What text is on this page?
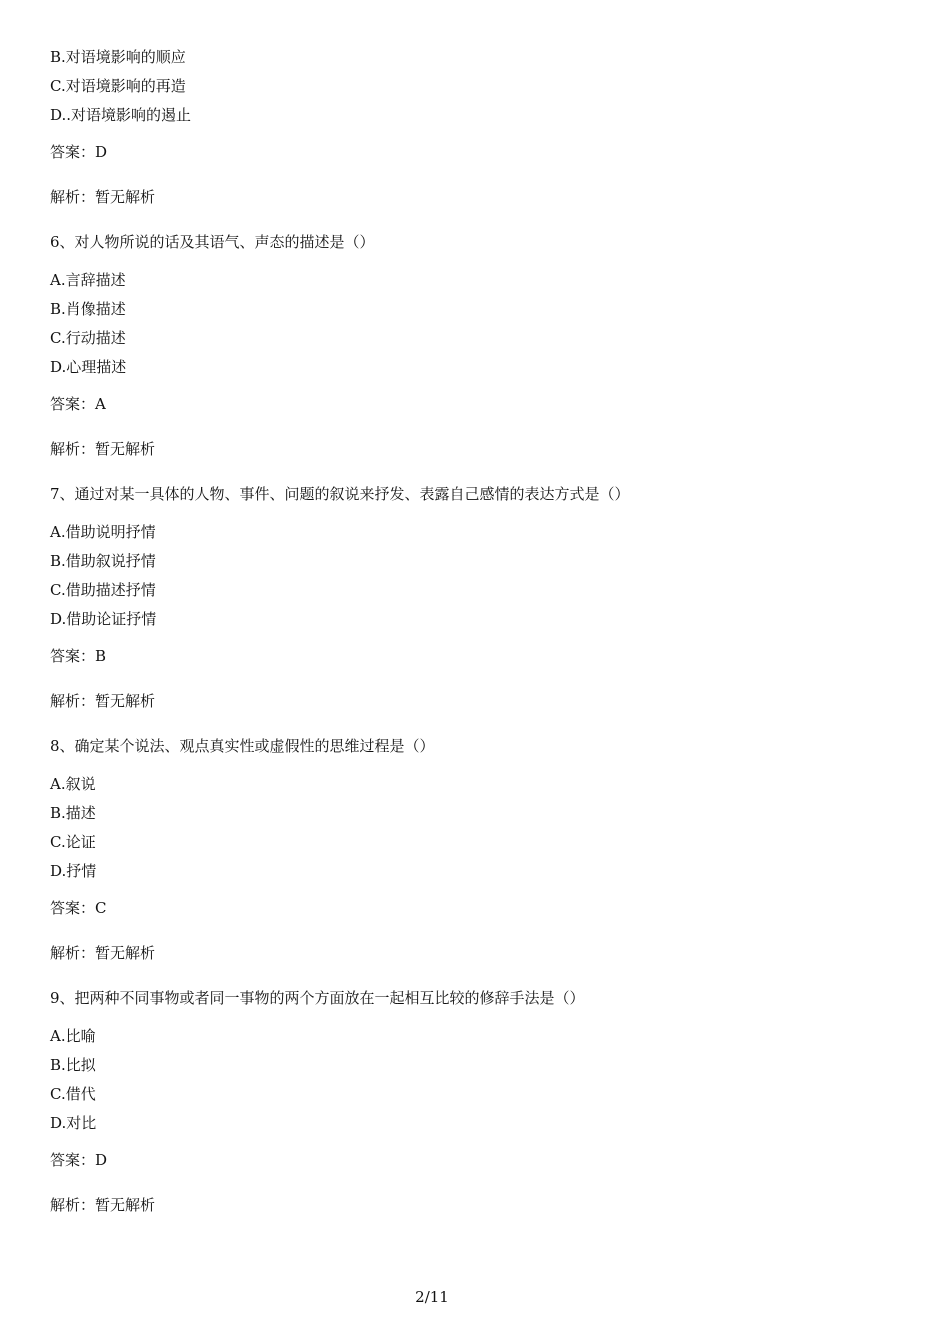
B.对语境影响的顺应
C.对语境影响的再造
D..对语境影响的遏止
答案：D
解析：暂无解析
6、对人物所说的话及其语气、声态的描述是（）
A.言辞描述
B.肖像描述
C.行动描述
D.心理描述
答案：A
解析：暂无解析
7、通过对某一具体的人物、事件、问题的叙说来抒发、表露自己感情的表达方式是（）
A.借助说明抒情
B.借助叙说抒情
C.借助描述抒情
D.借助论证抒情
答案：B
解析：暂无解析
8、确定某个说法、观点真实性或虚假性的思维过程是（）
A.叙说
B.描述
C.论证
D.抒情
答案：C
解析：暂无解析
9、把两种不同事物或者同一事物的两个方面放在一起相互比较的修辞手法是（）
A.比喻
B.比拟
C.借代
D.对比
答案：D
解析：暂无解析
2/11
